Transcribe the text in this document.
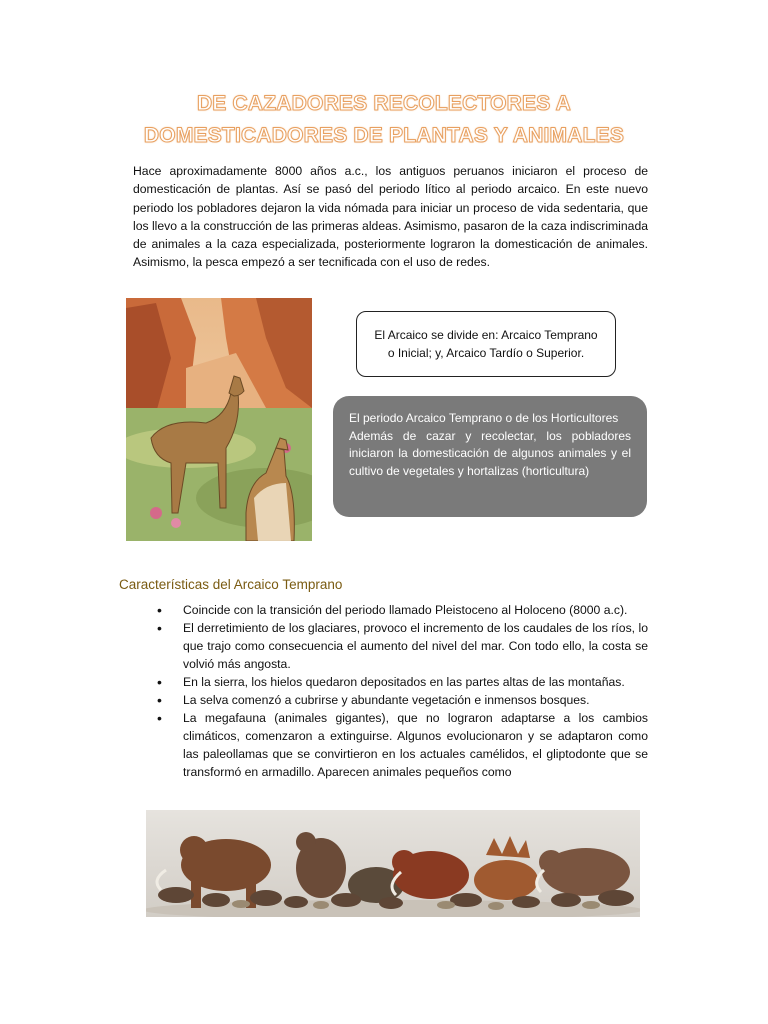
DE CAZADORES RECOLECTORES A
DOMESTICADORES DE PLANTAS Y ANIMALES

Hace aproximadamente 8000 años a.c., los antiguos peruanos iniciaron el proceso de domesticación de plantas. Así se pasó del periodo lítico al periodo arcaico. En este nuevo periodo los pobladores dejaron la vida nómada para iniciar un proceso de vida sedentaria, que los llevo a la construcción de las primeras aldeas. Asimismo, pasaron de la caza indiscriminada de animales a la caza especializada, posteriormente lograron la domesticación de animales. Asimismo, la pesca empezó a ser tecnificada con el uso de redes.

El Arcaico se divide en: Arcaico Temprano o Inicial; y, Arcaico Tardío o Superior.
El periodo Arcaico Temprano o de los Horticultores
Además de cazar y recolectar, los pobladores iniciaron la domesticación de algunos animales y el cultivo de vegetales y hortalizas (horticultura)
Características del Arcaico Temprano
• Coincide con la transición del periodo llamado Pleistoceno al Holoceno (8000 a.c).
• El derretimiento de los glaciares, provoco el incremento de los caudales de los ríos, lo que trajo como consecuencia el aumento del nivel del mar. Con todo ello, la costa se volvió más angosta.
• En la sierra, los hielos quedaron depositados en las partes altas de las montañas.
• La selva comenzó a cubrirse y abundante vegetación e inmensos bosques.
• La megafauna (animales gigantes), que no lograron adaptarse a los cambios climáticos, comenzaron a extinguirse. Algunos evolucionaron y se adaptaron como las paleollamas que se convirtieron en los actuales camélidos, el gliptodonte que se transformó en armadillo. Aparecen animales pequeños como
